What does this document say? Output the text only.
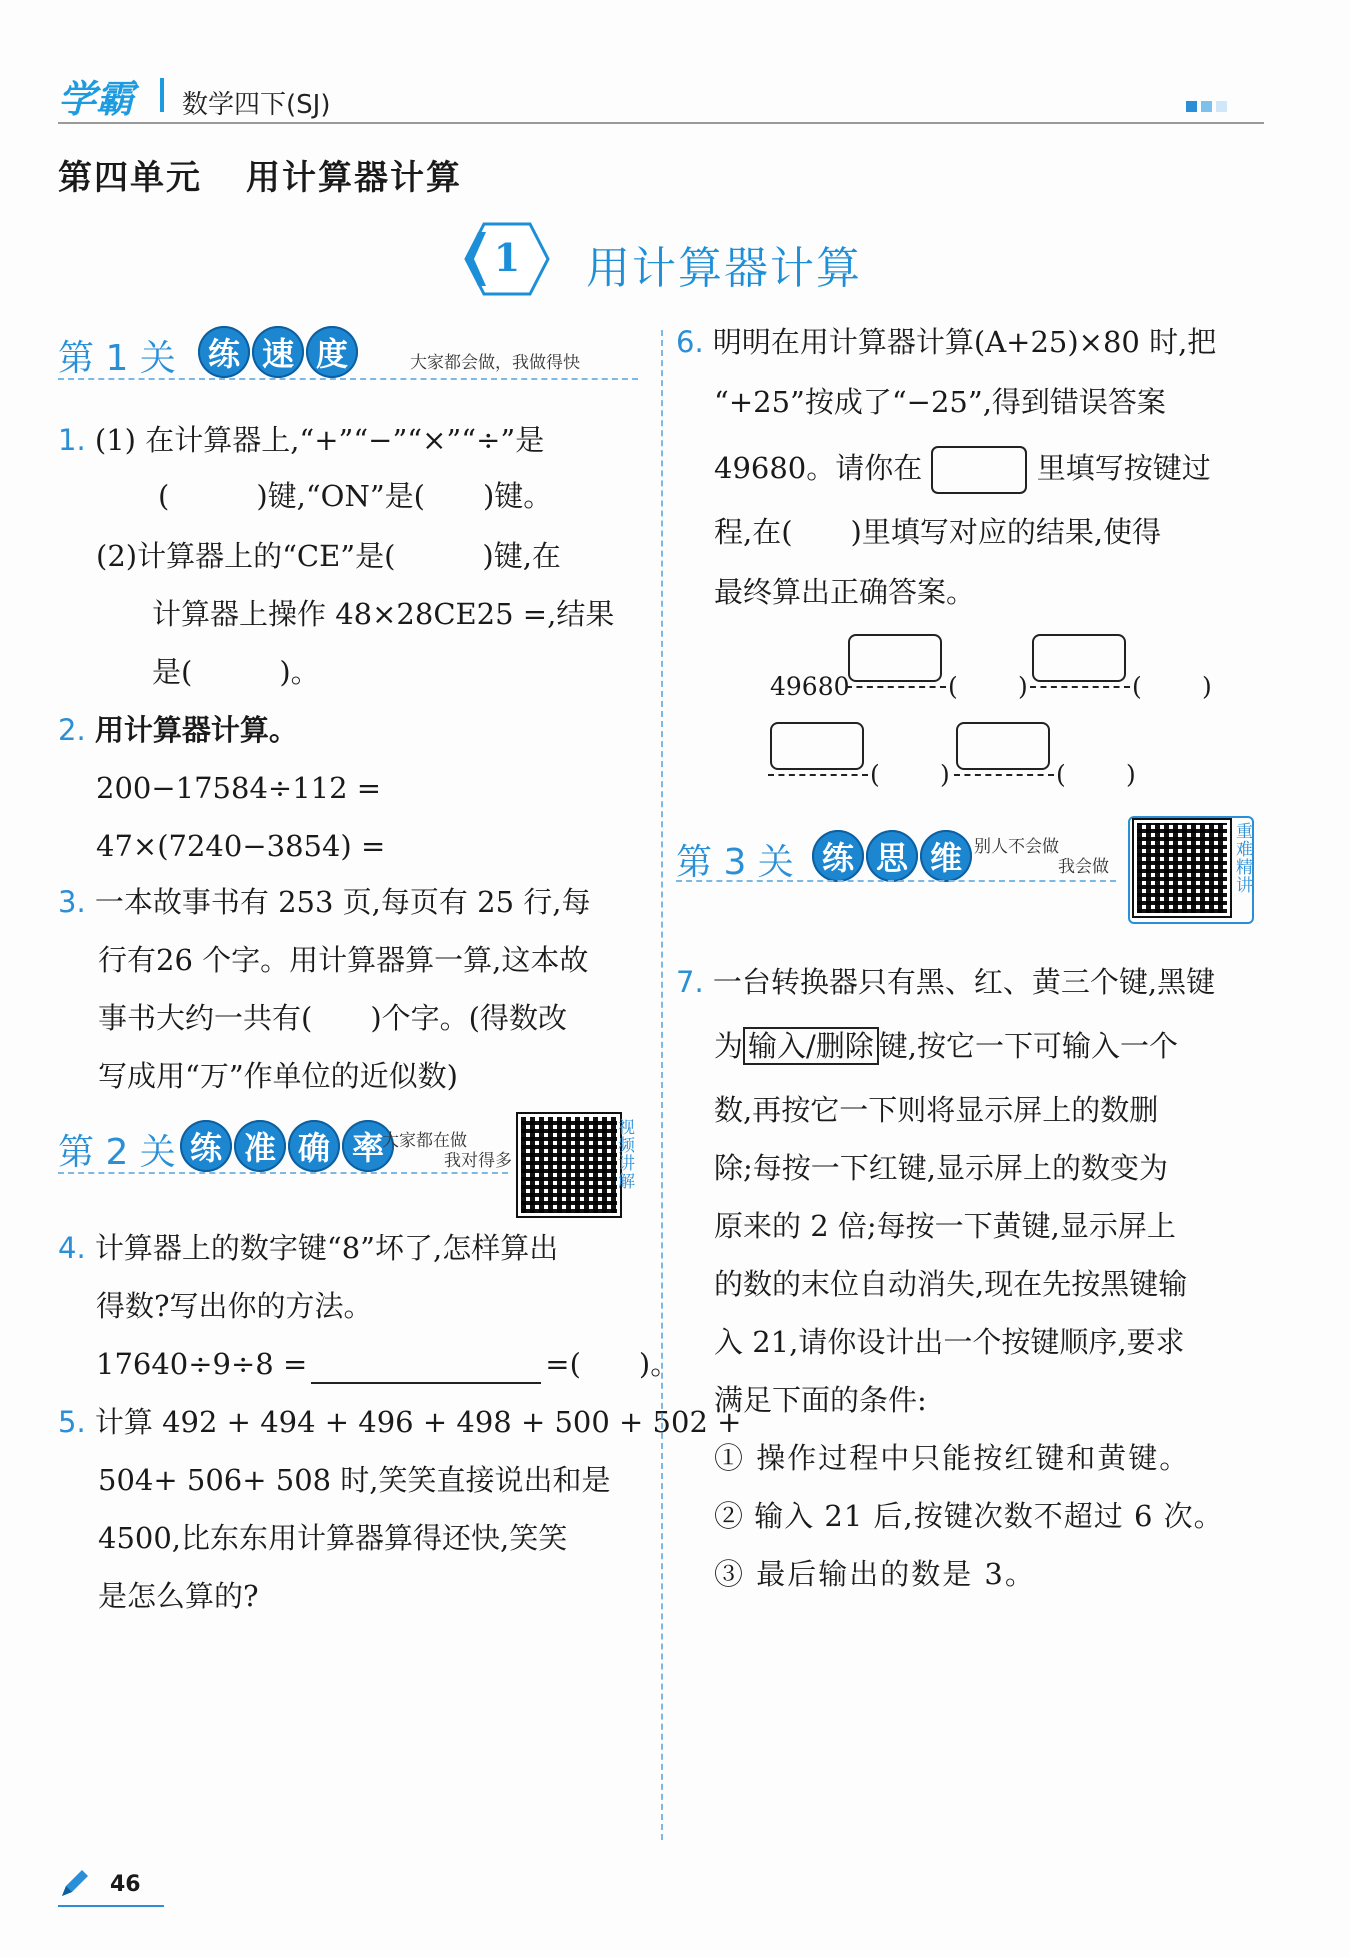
学霸 数学四下(SJ)
第四单元 用计算器计算
1 用计算器计算
第 1 关	练 速 度	大家都会做，我做得快
1. (1) 在计算器上,“+”“−”“×”“÷”是
(　　　)键,“ON”是(　　)键。
(2)计算器上的“CE”是(　　　)键,在
计算器上操作 48×28CE25 =,结果
是(　　　)。
2. 用计算器计算。
200−17584÷112 =
47×(7240−3854) =
3. 一本故事书有 253 页,每页有 25 行,每
行有26 个字。用计算器算一算,这本故
事书大约一共有(　　)个字。(得数改
写成用“万”作单位的近似数)
第 2 关 练 准 确 率
大家都在做
我对得多	视频讲解
4. 计算器上的数字键“8”坏了,怎样算出
得数?写出你的方法。
17640÷9÷8 =	=(　　)。
5. 计算 492 + 494 + 496 + 498 + 500 + 502 +
504+ 506+ 508 时,笑笑直接说出和是
4500,比东东用计算器算得还快,笑笑
是怎么算的?
6. 明明在用计算器计算(A+25)×80 时,把
“+25”按成了“−25”,得到错误答案
49680。请你在	里填写按键过
程,在(　　)里填写对应的结果,使得
最终算出正确答案。
49680	( )	( )
( )	( )
第 3 关 练 思 维 别人不会做
我会做	重难精讲
7. 一台转换器只有黑、红、黄三个键,黑键
为 输入/删除 键,按它一下可输入一个
数,再按它一下则将显示屏上的数删
除;每按一下红键,显示屏上的数变为
原来的 2 倍;每按一下黄键,显示屏上
的数的末位自动消失,现在先按黑键输
入 21,请你设计出一个按键顺序,要求
满足下面的条件:
① 操作过程中只能按红键和黄键。
② 输入 21 后,按键次数不超过 6 次。
③ 最后输出的数是 3。
46
